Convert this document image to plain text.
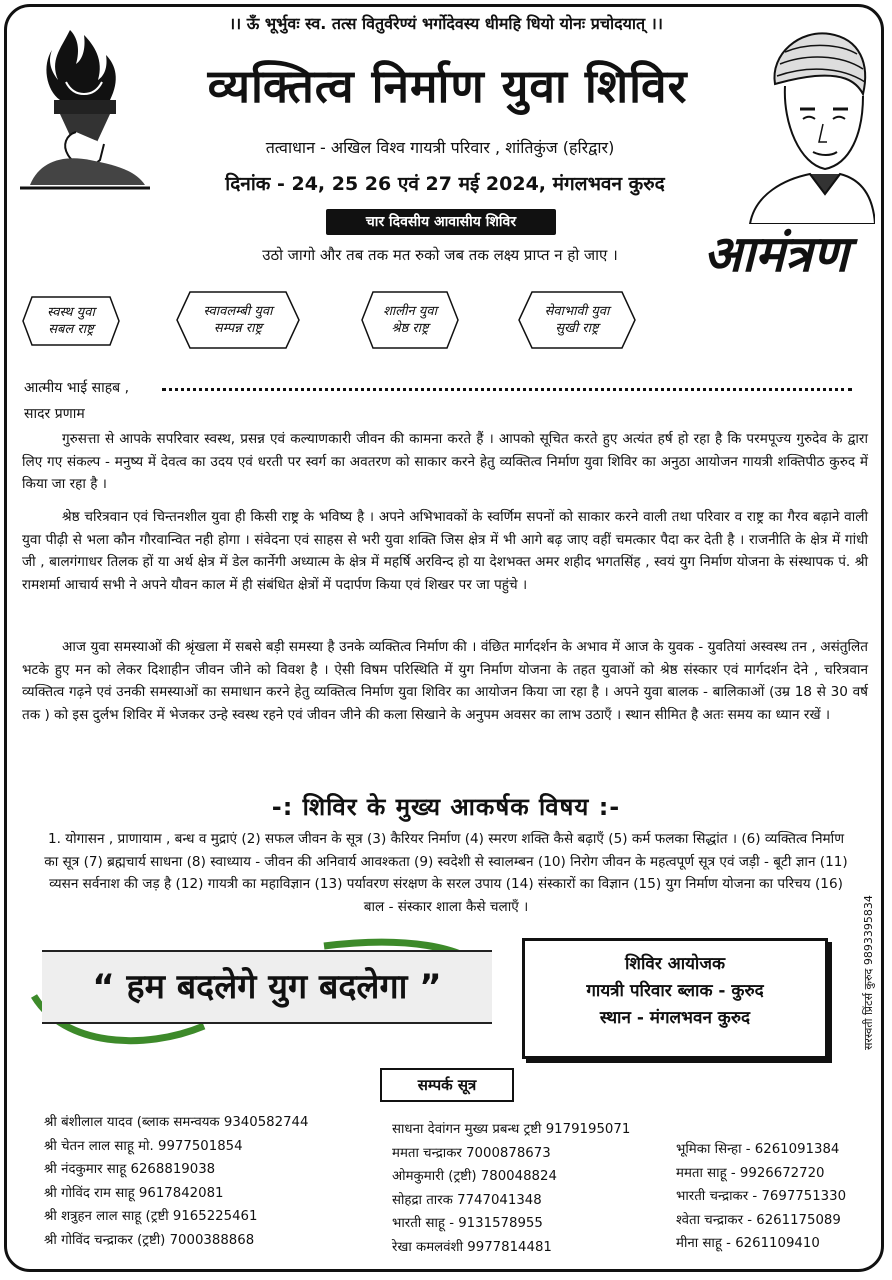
।। ऊँ भूर्भुवः स्व. तत्स वितुर्वरेण्यं भर्गोदेवस्य धीमहि धियो योनः प्रचोदयात् ।।
व्यक्तित्व निर्माण युवा शिविर
तत्वाधान - अखिल विश्व गायत्री परिवार , शांतिकुंज (हरिद्वार)
दिनांक - 24, 25 26 एवं 27 मई 2024, मंगलभवन कुरुद
चार दिवसीय आवासीय शिविर
उठो जागो और तब तक मत रुको जब तक लक्ष्य प्राप्त न हो जाए ।	आमंत्रण
स्वस्थ युवा
सबल राष्ट्र
स्वावलम्बी युवा
सम्पन्न राष्ट्र
शालीन युवा
श्रेष्ठ राष्ट्र
सेवाभावी युवा
सुखी राष्ट्र
आत्मीय भाई साहब ,
सादर प्रणाम

गुरुसत्ता से आपके सपरिवार स्वस्थ, प्रसन्न एवं कल्याणकारी जीवन की कामना करते हैं । आपको सूचित करते हुए अत्यंत हर्ष हो रहा है कि परमपूज्य गुरुदेव के द्वारा लिए गए संकल्प - मनुष्य में देवत्व का उदय एवं धरती पर स्वर्ग का अवतरण को साकार करने हेतु व्यक्तित्व निर्माण युवा शिविर का अनुठा आयोजन गायत्री शक्तिपीठ कुरुद में किया जा रहा है ।

श्रेष्ठ चरित्रवान एवं चिन्तनशील युवा ही किसी राष्ट्र के भविष्य है । अपने अभिभावकों के स्वर्णिम सपनों को साकार करने वाली तथा परिवार व राष्ट्र का गैरव बढ़ाने वाली युवा पीढ़ी से भला कौन गौरवान्वित नही होगा । संवेदना एवं साहस से भरी युवा शक्ति जिस क्षेत्र में भी आगे बढ़ जाए वहीं चमत्कार पैदा कर देती है । राजनीति के क्षेत्र में गांधी जी , बालगंगाधर तिलक हों या अर्थ क्षेत्र में डेल कार्नेगी अध्यात्म के क्षेत्र में महर्षि अरविन्द हो या देशभक्त अमर शहीद भगतसिंह , स्वयं युग निर्माण योजना के संस्थापक पं. श्री रामशर्मा आचार्य सभी ने अपने यौवन काल में ही संबंधित क्षेत्रों में पदार्पण किया एवं शिखर पर जा पहुंचे ।

आज युवा समस्याओं की श्रृंखला में सबसे बड़ी समस्या है उनके व्यक्तित्व निर्माण की । वंछित मार्गदर्शन के अभाव में आज के युवक - युवतियां अस्वस्थ तन , असंतुलित भटके हुए मन को लेकर दिशाहीन जीवन जीने को विवश है । ऐसी विषम परिस्थिति में युग निर्माण योजना के तहत युवाओं को श्रेष्ठ संस्कार एवं मार्गदर्शन देने , चरित्रवान व्यक्तित्व गढ़ने एवं उनकी समस्याओं का समाधान करने हेतु व्यक्तित्व निर्माण युवा शिविर का आयोजन किया जा रहा है । अपने युवा बालक - बालिकाओं (उम्र 18 से 30 वर्ष तक ) को इस दुर्लभ शिविर में भेजकर उन्हे स्वस्थ रहने एवं जीवन जीने की कला सिखाने के अनुपम अवसर का लाभ उठाएँ । स्थान सीमित है अतः समय का ध्यान रखें ।

-: शिविर के मुख्य आकर्षक विषय :-
1. योगासन , प्राणायाम , बन्ध व मुद्राएं (2) सफल जीवन के सूत्र (3) कैरियर निर्माण (4) स्मरण शक्ति कैसे बढ़ाएँ (5) कर्म फलका सिद्धांत । (6) व्यक्तित्व निर्माण का सूत्र (7) ब्रह्मचार्य साधना (8) स्वाध्याय - जीवन की अनिवार्य आवश्कता (9) स्वदेशी से स्वालम्बन (10) निरोग जीवन के महत्वपूर्ण सूत्र एवं जड़ी - बूटी ज्ञान (11) व्यसन सर्वनाश की जड़ है (12) गायत्री का महाविज्ञान (13) पर्यावरण संरक्षण के सरल उपाय (14) संस्कारों का विज्ञान (15) युग निर्माण योजना का परिचय (16) बाल - संस्कार शाला कैसे चलाएँ ।
“ हम बदलेगे युग बदलेगा ”
शिविर आयोजक
गायत्री परिवार ब्लाक - कुरुद
स्थान - मंगलभवन कुरुद	सरस्वती प्रिंटर्स कुरुद 9893395834
सम्पर्क सूत्र
श्री बंशीलाल यादव (ब्लाक समन्वयक 9340582744
श्री चेतन लाल साहू मो. 9977501854
श्री नंदकुमार साहू 6268819038
श्री गोविंद राम साहू 9617842081
श्री शत्रुहन लाल साहू (ट्रष्टी 9165225461
श्री गोविंद चन्द्राकर (ट्रष्टी) 7000388868
साधना देवांगन मुख्य प्रबन्ध ट्रष्टी 9179195071
ममता चन्द्राकर 7000878673
ओमकुमारी (ट्रष्टी) 780048824
सोहद्रा तारक 7747041348
भारती साहू - 9131578955
रेखा कमलवंशी 9977814481
भूमिका सिन्हा - 6261091384
ममता साहू - 9926672720
भारती चन्द्राकर - 7697751330
श्वेता चन्द्राकर - 6261175089
मीना साहू - 6261109410
